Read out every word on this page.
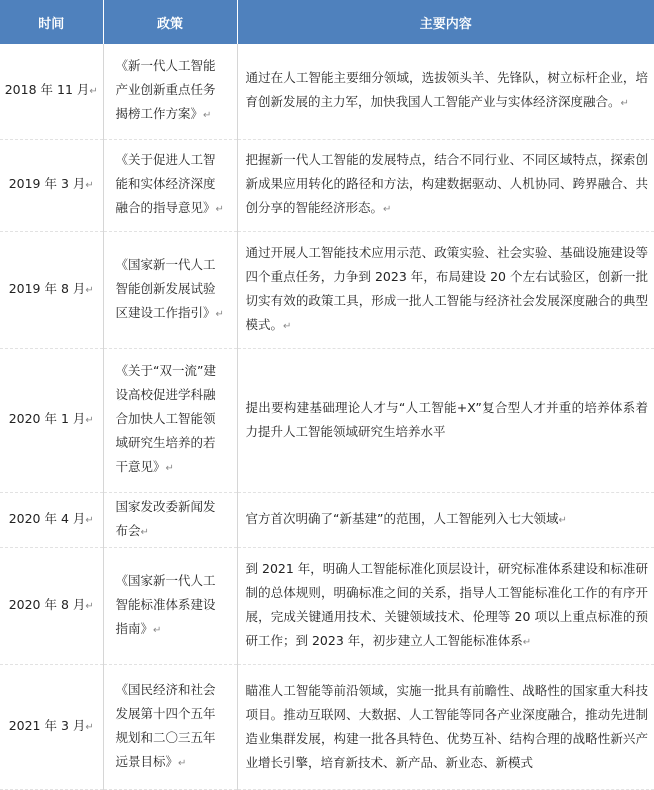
时间	政策	主要内容
2018 年 11 月↵	《新一代人工智能产业创新重点任务揭榜工作方案》↵	通过在人工智能主要细分领域，选拔领头羊、先锋队，树立标杆企业，培育创新发展的主力军，加快我国人工智能产业与实体经济深度融合。↵
2019 年 3 月↵	《关于促进人工智能和实体经济深度融合的指导意见》↵	把握新一代人工智能的发展特点，结合不同行业、不同区域特点，探索创新成果应用转化的路径和方法，构建数据驱动、人机协同、跨界融合、共创分享的智能经济形态。↵
2019 年 8 月↵	《国家新一代人工智能创新发展试验区建设工作指引》↵	通过开展人工智能技术应用示范、政策实验、社会实验、基础设施建设等四个重点任务，力争到 2023 年，布局建设 20 个左右试验区，创新一批切实有效的政策工具，形成一批人工智能与经济社会发展深度融合的典型模式。↵
2020 年 1 月↵	《关于“双一流”建设高校促进学科融合加快人工智能领域研究生培养的若干意见》↵	提出要构建基础理论人才与“人工智能+X”复合型人才并重的培养体系着力提升人工智能领域研究生培养水平
2020 年 4 月↵	国家发改委新闻发布会↵	官方首次明确了“新基建”的范围，人工智能列入七大领域↵
2020 年 8 月↵	《国家新一代人工智能标准体系建设指南》↵	到 2021 年，明确人工智能标准化顶层设计，研究标准体系建设和标准研制的总体规则，明确标准之间的关系，指导人工智能标准化工作的有序开展，完成关键通用技术、关键领域技术、伦理等 20 项以上重点标准的预研工作；到 2023 年，初步建立人工智能标准体系↵
2021 年 3 月↵	《国民经济和社会发展第十四个五年规划和二〇三五年远景目标》↵	瞄准人工智能等前沿领域，实施一批具有前瞻性、战略性的国家重大科技项目。推动互联网、大数据、人工智能等同各产业深度融合，推动先进制造业集群发展，构建一批各具特色、优势互补、结构合理的战略性新兴产业增长引擎，培育新技术、新产品、新业态、新模式
